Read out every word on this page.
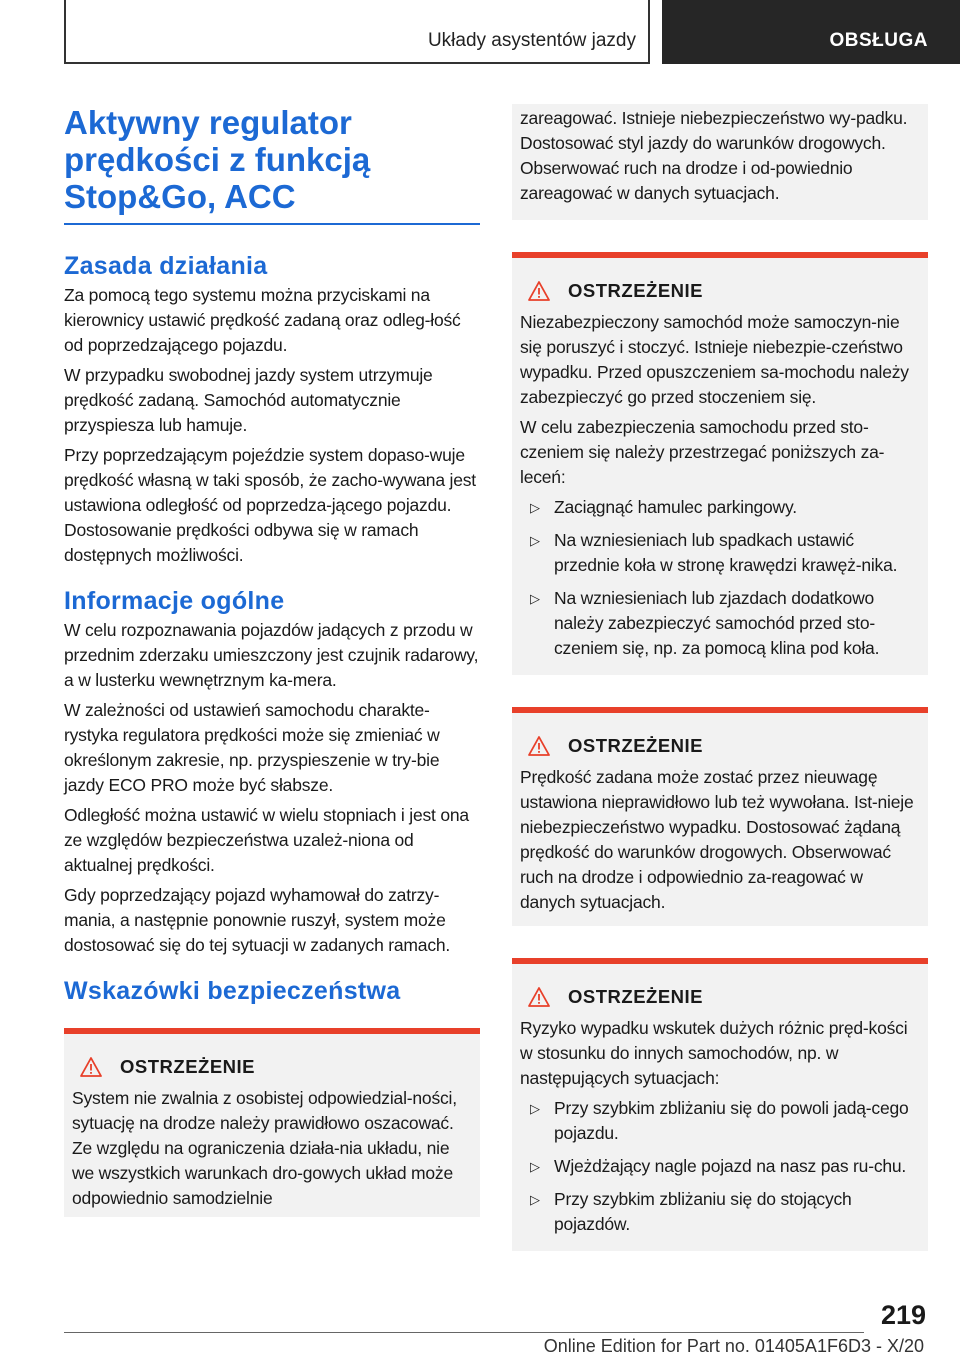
Układy asystentów jazdy	OBSŁUGA
Aktywny regulator
prędkości z funkcją
Stop&Go, ACC
Zasada działania

Za pomocą tego systemu można przyciskami na kierownicy ustawić prędkość zadaną oraz odleg‐łość od poprzedzającego pojazdu.

W przypadku swobodnej jazdy system utrzymuje prędkość zadaną. Samochód automatycznie przyspiesza lub hamuje.

Przy poprzedzającym pojeździe system dopaso‐wuje prędkość własną w taki sposób, że zacho‐wywana jest ustawiona odległość od poprzedza‐jącego pojazdu. Dostosowanie prędkości odbywa się w ramach dostępnych możliwości.

Informacje ogólne

W celu rozpoznawania pojazdów jadących z przodu w przednim zderzaku umieszczony jest czujnik radarowy, a w lusterku wewnętrznym ka‐mera.

W zależności od ustawień samochodu charakte‐rystyka regulatora prędkości może się zmieniać w określonym zakresie, np. przyspieszenie w try‐bie jazdy ECO PRO może być słabsze.

Odległość można ustawić w wielu stopniach i jest ona ze względów bezpieczeństwa uzależ‐niona od aktualnej prędkości.

Gdy poprzedzający pojazd wyhamował do zatrzy‐mania, a następnie ponownie ruszył, system może dostosować się do tej sytuacji w zadanych ramach.

Wskazówki bezpieczeństwa
OSTRZEŻENIE

System nie zwalnia z osobistej odpowiedzial‐ności, sytuację na drodze należy prawidłowo oszacować. Ze względu na ograniczenia działa‐nia układu, nie we wszystkich warunkach dro‐gowych układ może odpowiednio samodzielnie

zareagować. Istnieje niebezpieczeństwo wy‐padku. Dostosować styl jazdy do warunków drogowych. Obserwować ruch na drodze i od‐powiednio zareagować w danych sytuacjach.

OSTRZEŻENIE

Niezabezpieczony samochód może samoczyn‐nie się poruszyć i stoczyć. Istnieje niebezpie‐czeństwo wypadku. Przed opuszczeniem sa‐mochodu należy zabezpieczyć go przed stoczeniem się.

W celu zabezpieczenia samochodu przed sto‐czeniem się należy przestrzegać poniższych za‐leceń:

▷ Zaciągnąć hamulec parkingowy.
▷ Na wzniesieniach lub spadkach ustawić przednie koła w stronę krawędzi krawęż‐nika.
▷ Na wzniesieniach lub zjazdach dodatkowo należy zabezpieczyć samochód przed sto‐czeniem się, np. za pomocą klina pod koła.
OSTRZEŻENIE

Prędkość zadana może zostać przez nieuwagę ustawiona nieprawidłowo lub też wywołana. Ist‐nieje niebezpieczeństwo wypadku. Dostosować żądaną prędkość do warunków drogowych. Obserwować ruch na drodze i odpowiednio za‐reagować w danych sytuacjach.

OSTRZEŻENIE

Ryzyko wypadku wskutek dużych różnic pręd‐kości w stosunku do innych samochodów, np. w następujących sytuacjach:

▷ Przy szybkim zbliżaniu się do powoli jadą‐cego pojazdu.
▷ Wjeżdżający nagle pojazd na nasz pas ru‐chu.
▷ Przy szybkim zbliżaniu się do stojących pojazdów.
219
Online Edition for Part no. 01405A1F6D3 - X/20
